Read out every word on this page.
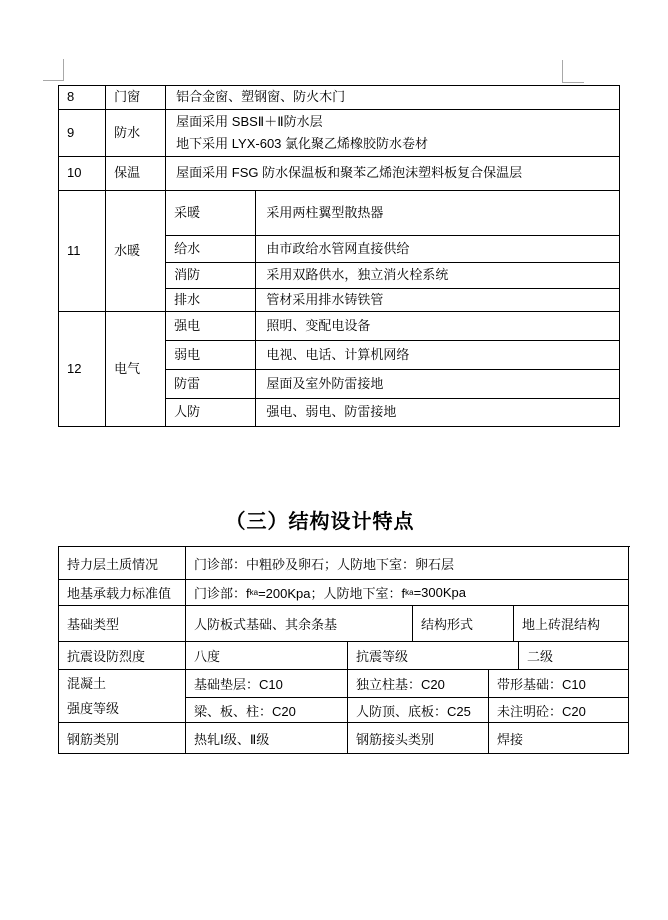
8	门窗	铝合金窗、塑钢窗、防火木门	
9	防水	屋面采用 SBSⅡ＋Ⅱ防水层
地下采用 LYX-603 氯化聚乙烯橡胶防水卷材	

10	保温	屋面采用 FSG 防水保温板和聚苯乙烯泡沫塑料板复合保温层	
11	水暖	采暖	采用两柱翼型散热器
		给水	由市政给水管网直接供给
		消防	采用双路供水，独立消火栓系统
		排水	管材采用排水铸铁管
12	电气	强电	照明、变配电设备
		弱电	电视、电话、计算机网络
		防雷	屋面及室外防雷接地
		人防	强电、弱电、防雷接地
（三）结构设计特点
持力层土质情况	门诊部：中粗砂及卵石；人防地下室：卵石层
地基承载力标准值	门诊部：f ka =200Kpa；人防地下室：f ka =300Kpa
基础类型	人防板式基础、其余条基	结构形式	地上砖混结构
抗震设防烈度	八度	抗震等级	二级
混凝土
强度等级
基础垫层：C10	独立柱基：C20	带形基础：C10
梁、板、柱：C20	人防顶、底板：C25	未注明砼：C20
钢筋类别	热轧Ⅰ级、Ⅱ级	钢筋接头类别	焊接
